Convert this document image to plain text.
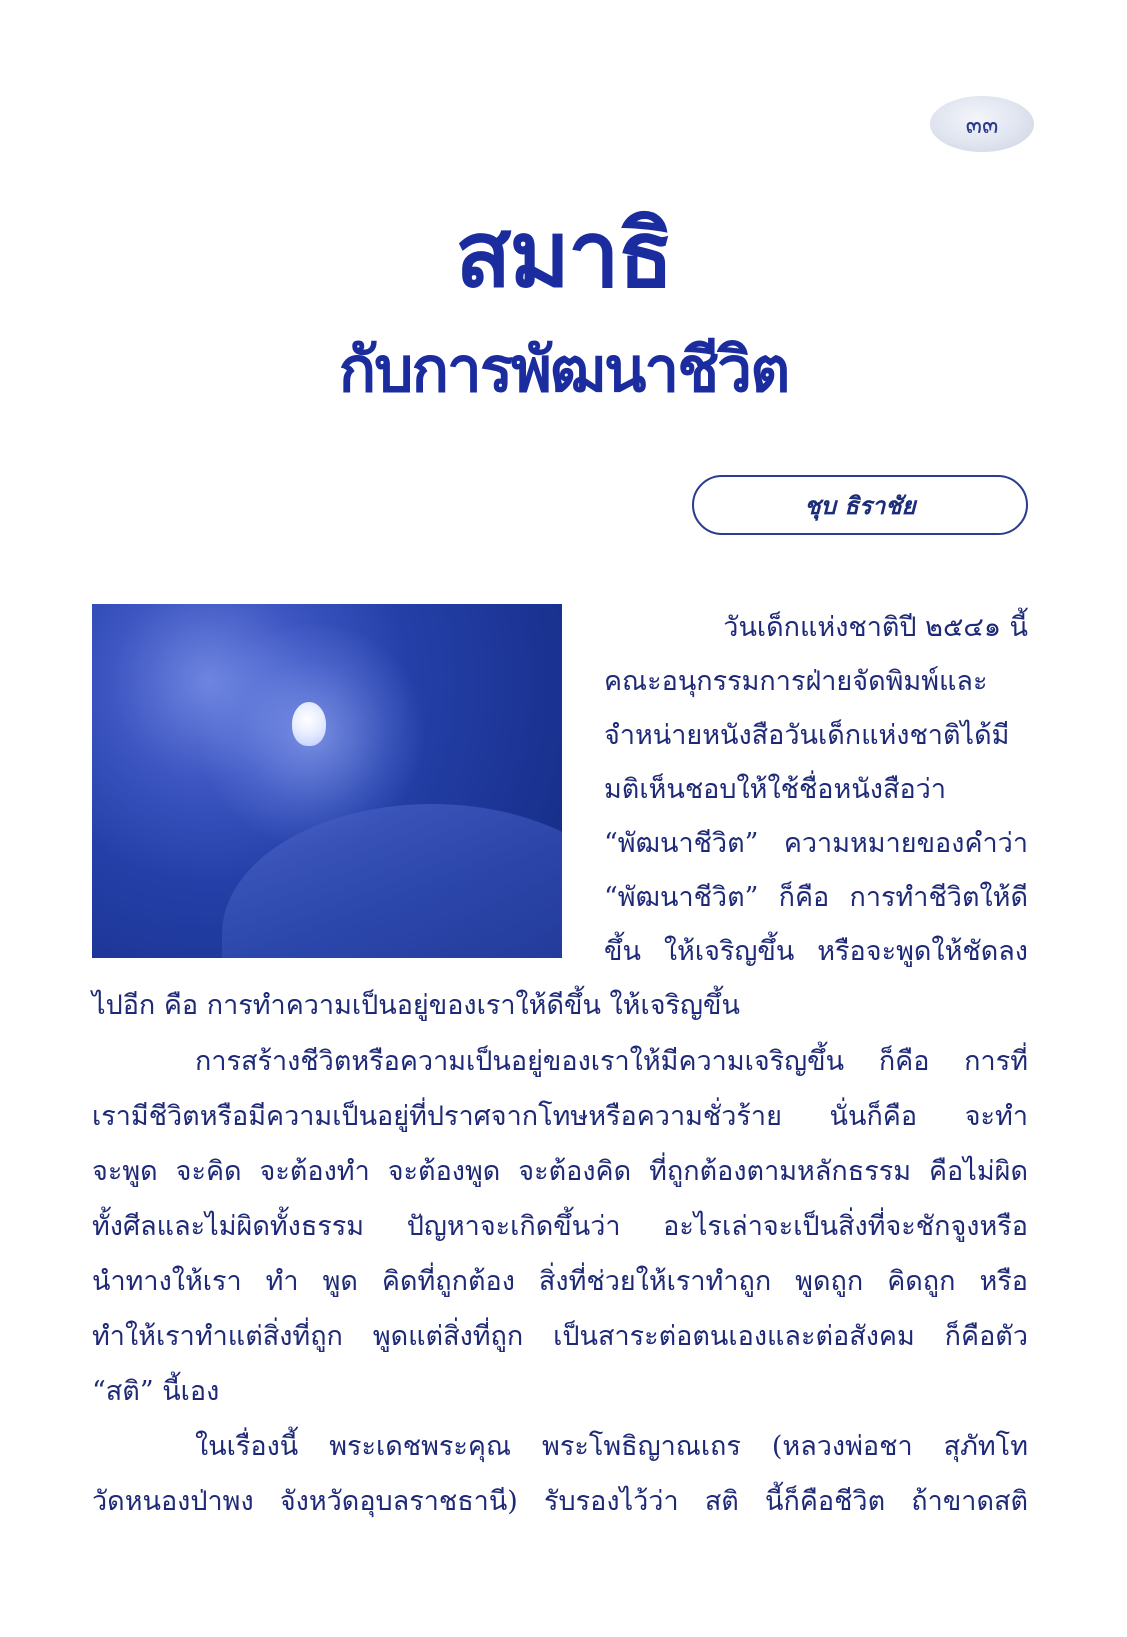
๓๓
สมาธิ
กับการพัฒนาชีวิต
ชุบ ธิราชัย
วันเด็กแห่งชาติปี ๒๕๔๑ นี้
คณะอนุกรรมการฝ่ายจัดพิมพ์และ
จำหน่ายหนังสือวันเด็กแห่งชาติได้มี
มติเห็นชอบให้ใช้ชื่อหนังสือว่า
“พัฒนาชีวิต” ความหมายของคำว่า
“พัฒนาชีวิต” ก็คือ การทำชีวิตให้ดี
ขึ้น ให้เจริญขึ้น หรือจะพูดให้ชัดลง
ไปอีก คือ การทำความเป็นอยู่ของเราให้ดีขึ้น ให้เจริญขึ้น
การสร้างชีวิตหรือความเป็นอยู่ของเราให้มีความเจริญขึ้น ก็คือ การที่
เรามีชีวิตหรือมีความเป็นอยู่ที่ปราศจากโทษหรือความชั่วร้าย นั่นก็คือ จะทำ
จะพูด จะคิด จะต้องทำ จะต้องพูด จะต้องคิด ที่ถูกต้องตามหลักธรรม คือไม่ผิด
ทั้งศีลและไม่ผิดทั้งธรรม ปัญหาจะเกิดขึ้นว่า อะไรเล่าจะเป็นสิ่งที่จะชักจูงหรือ
นำทางให้เรา ทำ พูด คิดที่ถูกต้อง สิ่งที่ช่วยให้เราทำถูก พูดถูก คิดถูก หรือ
ทำให้เราทำแต่สิ่งที่ถูก พูดแต่สิ่งที่ถูก เป็นสาระต่อตนเองและต่อสังคม ก็คือตัว
“สติ” นี้เอง
ในเรื่องนี้ พระเดชพระคุณ พระโพธิญาณเถร (หลวงพ่อชา สุภัทโท
วัดหนองป่าพง จังหวัดอุบลราชธานี) รับรองไว้ว่า สติ นี้ก็คือชีวิต ถ้าขาดสติ
